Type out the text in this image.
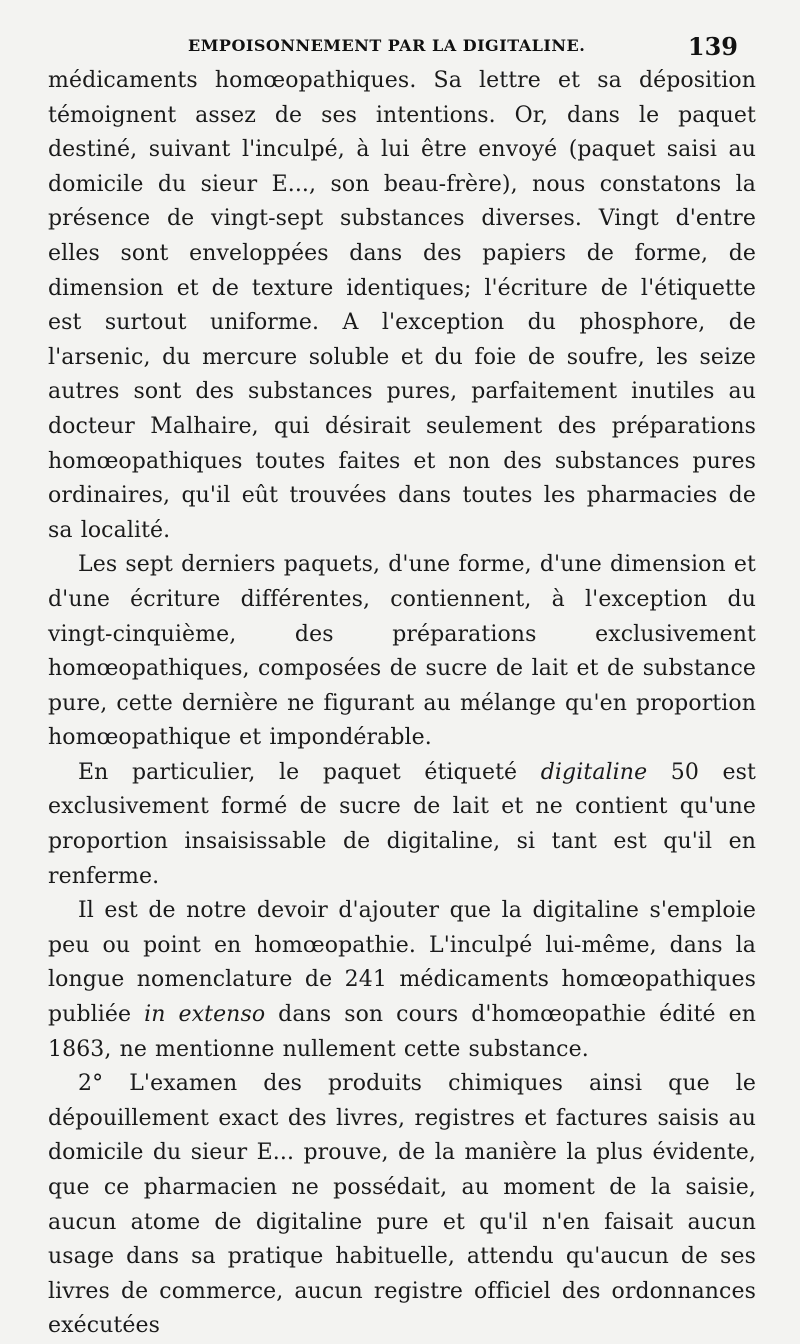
EMPOISONNEMENT PAR LA DIGITALINE.	139

médicaments homœopathiques. Sa lettre et sa déposition témoignent assez de ses intentions. Or, dans le paquet destiné, suivant l'inculpé, à lui être envoyé (paquet saisi au domicile du sieur E..., son beau-frère), nous constatons la présence de vingt-sept substances diverses. Vingt d'entre elles sont enveloppées dans des papiers de forme, de dimension et de texture identiques; l'écriture de l'étiquette est surtout uniforme. A l'exception du phosphore, de l'arsenic, du mercure soluble et du foie de soufre, les seize autres sont des substances pures, parfaitement inutiles au docteur Malhaire, qui désirait seulement des préparations homœopathiques toutes faites et non des substances pures ordinaires, qu'il eût trouvées dans toutes les pharmacies de sa localité.

Les sept derniers paquets, d'une forme, d'une dimension et d'une écriture différentes, contiennent, à l'exception du vingt-cinquième, des préparations exclusivement homœopathiques, composées de sucre de lait et de substance pure, cette dernière ne figurant au mélange qu'en proportion homœopathique et impondérable.

En particulier, le paquet étiqueté digitaline 50 est exclusivement formé de sucre de lait et ne contient qu'une proportion insaisissable de digitaline, si tant est qu'il en renferme.

Il est de notre devoir d'ajouter que la digitaline s'emploie peu ou point en homœopathie. L'inculpé lui-même, dans la longue nomenclature de 241 médicaments homœopathiques publiée in extenso dans son cours d'homœopathie édité en 1863, ne mentionne nullement cette substance.

2° L'examen des produits chimiques ainsi que le dépouillement exact des livres, registres et factures saisis au domicile du sieur E... prouve, de la manière la plus évidente, que ce pharmacien ne possédait, au moment de la saisie, aucun atome de digitaline pure et qu'il n'en faisait aucun usage dans sa pratique habituelle, attendu qu'aucun de ses livres de commerce, aucun registre officiel des ordonnances exécutées
